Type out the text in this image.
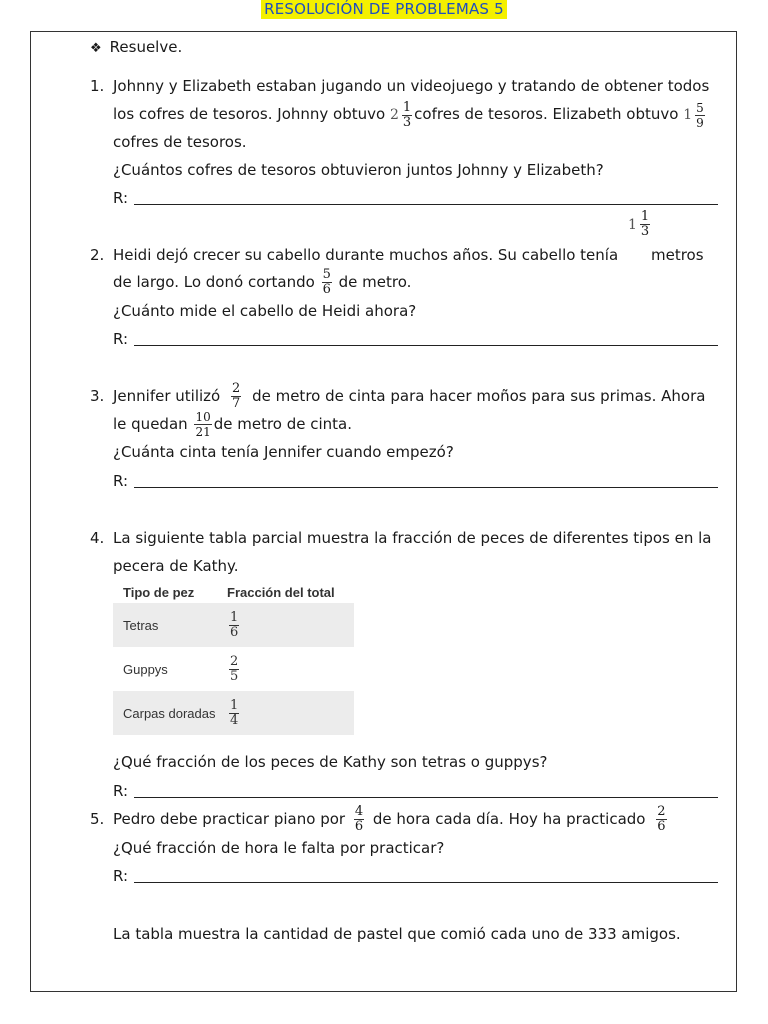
RESOLUCIÓN DE PROBLEMAS 5
❖ Resuelve.
1. Johnny y Elizabeth estaban jugando un videojuego y tratando de obtener todos
los cofres de tesoros. Johnny obtuvo $2 \frac{1}{3}$ cofres de tesoros. Elizabeth obtuvo $1 \frac{5}{9}$
cofres de tesoros.
¿Cuántos cofres de tesoros obtuvieron juntos Johnny y Elizabeth?
R:
$1 \frac{1}{3}$
2. Heidi dejó crecer su cabello durante muchos años. Su cabello tenía metros
de largo. Lo donó cortando $\frac{5}{6}$ de metro.
¿Cuánto mide el cabello de Heidi ahora?
R:
3. Jennifer utilizó $\frac{2}{7}$ de metro de cinta para hacer moños para sus primas. Ahora
le quedan $\frac{10}{21}$ de metro de cinta.
¿Cuánta cinta tenía Jennifer cuando empezó?
R:
4. La siguiente tabla parcial muestra la fracción de peces de diferentes tipos en la
pecera de Kathy.
Tipo de pez	Fracción del total
Tetras	$\frac{1}{6}$
Guppys	$\frac{2}{5}$
Carpas doradas	$\frac{1}{4}$
¿Qué fracción de los peces de Kathy son tetras o guppys?
R:
5. Pedro debe practicar piano por $\frac{4}{6}$ de hora cada día. Hoy ha practicado $\frac{2}{6}$
¿Qué fracción de hora le falta por practicar?
R:
La tabla muestra la cantidad de pastel que comió cada uno de 333 amigos.
